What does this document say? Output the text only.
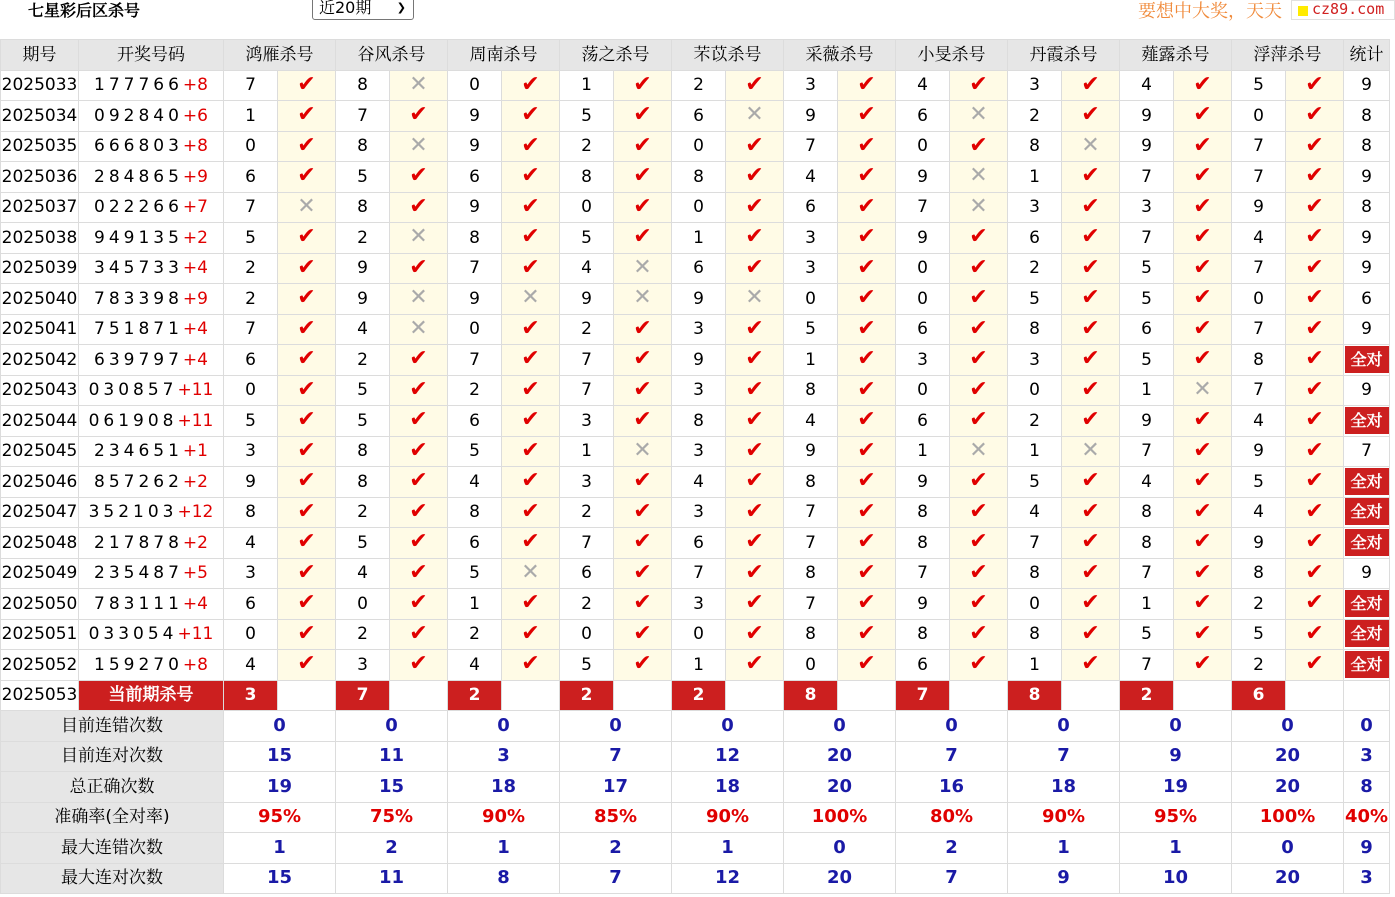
七星彩后区杀号	近20期 ❯	要想中大奖，天天 cz89.com
期号	开奖号码	鸿雁杀号		谷风杀号		周南杀号		荡之杀号		芣苡杀号		采薇杀号		小旻杀号		丹霞杀号		薤露杀号		浮萍杀号		统计
2025033	177766+8	7	✔	8	✕	0	✔	1	✔	2	✔	3	✔	4	✔	3	✔	4	✔	5	✔	9
2025034	092840+6	1	✔	7	✔	9	✔	5	✔	6	✕	9	✔	6	✕	2	✔	9	✔	0	✔	8
2025035	666803+8	0	✔	8	✕	9	✔	2	✔	0	✔	7	✔	0	✔	8	✕	9	✔	7	✔	8
2025036	284865+9	6	✔	5	✔	6	✔	8	✔	8	✔	4	✔	9	✕	1	✔	7	✔	7	✔	9
2025037	022266+7	7	✕	8	✔	9	✔	0	✔	0	✔	6	✔	7	✕	3	✔	3	✔	9	✔	8
2025038	949135+2	5	✔	2	✕	8	✔	5	✔	1	✔	3	✔	9	✔	6	✔	7	✔	4	✔	9
2025039	345733+4	2	✔	9	✔	7	✔	4	✕	6	✔	3	✔	0	✔	2	✔	5	✔	7	✔	9
2025040	783398+9	2	✔	9	✕	9	✕	9	✕	9	✕	0	✔	0	✔	5	✔	5	✔	0	✔	6
2025041	751871+4	7	✔	4	✕	0	✔	2	✔	3	✔	5	✔	6	✔	8	✔	6	✔	7	✔	9
2025042	639797+4	6	✔	2	✔	7	✔	7	✔	9	✔	1	✔	3	✔	3	✔	5	✔	8	✔	全对
2025043	030857+11	0	✔	5	✔	2	✔	7	✔	3	✔	8	✔	0	✔	0	✔	1	✕	7	✔	9
2025044	061908+11	5	✔	5	✔	6	✔	3	✔	8	✔	4	✔	6	✔	2	✔	9	✔	4	✔	全对
2025045	234651+1	3	✔	8	✔	5	✔	1	✕	3	✔	9	✔	1	✕	1	✕	7	✔	9	✔	7
2025046	857262+2	9	✔	8	✔	4	✔	3	✔	4	✔	8	✔	9	✔	5	✔	4	✔	5	✔	全对
2025047	352103+12	8	✔	2	✔	8	✔	2	✔	3	✔	7	✔	8	✔	4	✔	8	✔	4	✔	全对
2025048	217878+2	4	✔	5	✔	6	✔	7	✔	6	✔	7	✔	8	✔	7	✔	8	✔	9	✔	全对
2025049	235487+5	3	✔	4	✔	5	✕	6	✔	7	✔	8	✔	7	✔	8	✔	7	✔	8	✔	9
2025050	783111+4	6	✔	0	✔	1	✔	2	✔	3	✔	7	✔	9	✔	0	✔	1	✔	2	✔	全对
2025051	033054+11	0	✔	2	✔	2	✔	0	✔	0	✔	8	✔	8	✔	8	✔	5	✔	5	✔	全对
2025052	159270+8	4	✔	3	✔	4	✔	5	✔	1	✔	0	✔	6	✔	1	✔	7	✔	2	✔	全对
2025053	当前期杀号	3		7		2		2		2		8		7		8		2		6		
目前连错次数		0		0		0		0		0		0		0		0		0		0		0
目前连对次数		15		11		3		7		12		20		7		7		9		20		3
总正确次数		19		15		18		17		18		20		16		18		19		20		8
准确率(全对率)		95%		75%		90%		85%		90%		100%		80%		90%		95%		100%		40%
最大连错次数		1		2		1		2		1		0		2		1		1		0		9
最大连对次数		15		11		8		7		12		20		7		9		10		20		3
